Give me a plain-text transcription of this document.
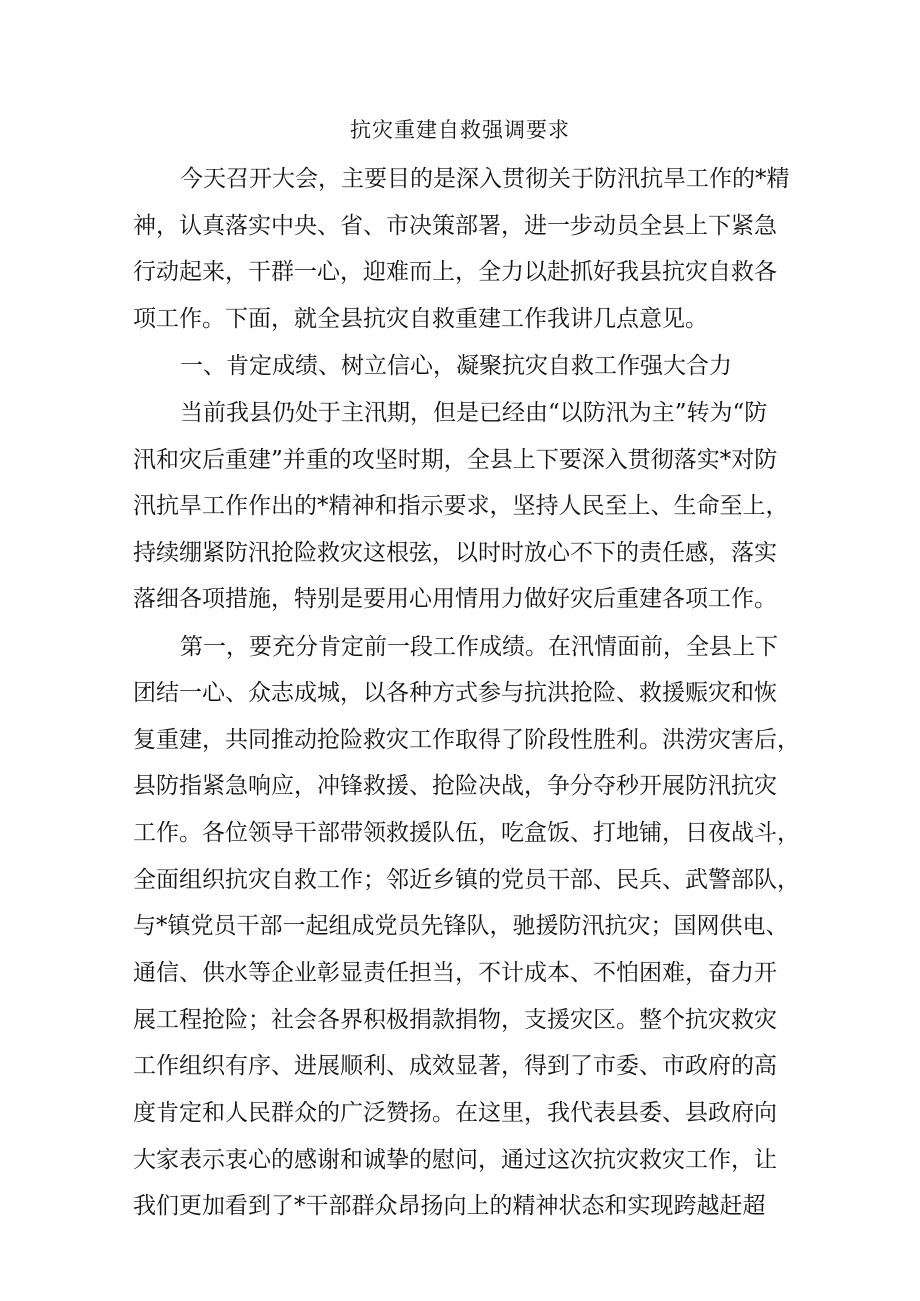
抗灾重建自救强调要求

今天召开大会，主要目的是深入贯彻关于防汛抗旱工作的*精

神，认真落实中央、省、市决策部署，进一步动员全县上下紧急

行动起来，干群一心，迎难而上，全力以赴抓好我县抗灾自救各

项工作。下面，就全县抗灾自救重建工作我讲几点意见。

一、肯定成绩、树立信心，凝聚抗灾自救工作强大合力

当前我县仍处于主汛期，但是已经由“以防汛为主”转为“防

汛和灾后重建”并重的攻坚时期，全县上下要深入贯彻落实*对防

汛抗旱工作作出的*精神和指示要求，坚持人民至上、生命至上，

持续绷紧防汛抢险救灾这根弦，以时时放心不下的责任感，落实

落细各项措施，特别是要用心用情用力做好灾后重建各项工作。

第一，要充分肯定前一段工作成绩。在汛情面前，全县上下

团结一心、众志成城，以各种方式参与抗洪抢险、救援赈灾和恢

复重建，共同推动抢险救灾工作取得了阶段性胜利。洪涝灾害后，

县防指紧急响应，冲锋救援、抢险决战，争分夺秒开展防汛抗灾

工作。各位领导干部带领救援队伍，吃盒饭、打地铺，日夜战斗，

全面组织抗灾自救工作；邻近乡镇的党员干部、民兵、武警部队，

与*镇党员干部一起组成党员先锋队，驰援防汛抗灾；国网供电、

通信、供水等企业彰显责任担当，不计成本、不怕困难，奋力开

展工程抢险；社会各界积极捐款捐物，支援灾区。整个抗灾救灾

工作组织有序、进展顺利、成效显著，得到了市委、市政府的高

度肯定和人民群众的广泛赞扬。在这里，我代表县委、县政府向

大家表示衷心的感谢和诚挚的慰问，通过这次抗灾救灾工作，让

我们更加看到了*干部群众昂扬向上的精神状态和实现跨越赶超
